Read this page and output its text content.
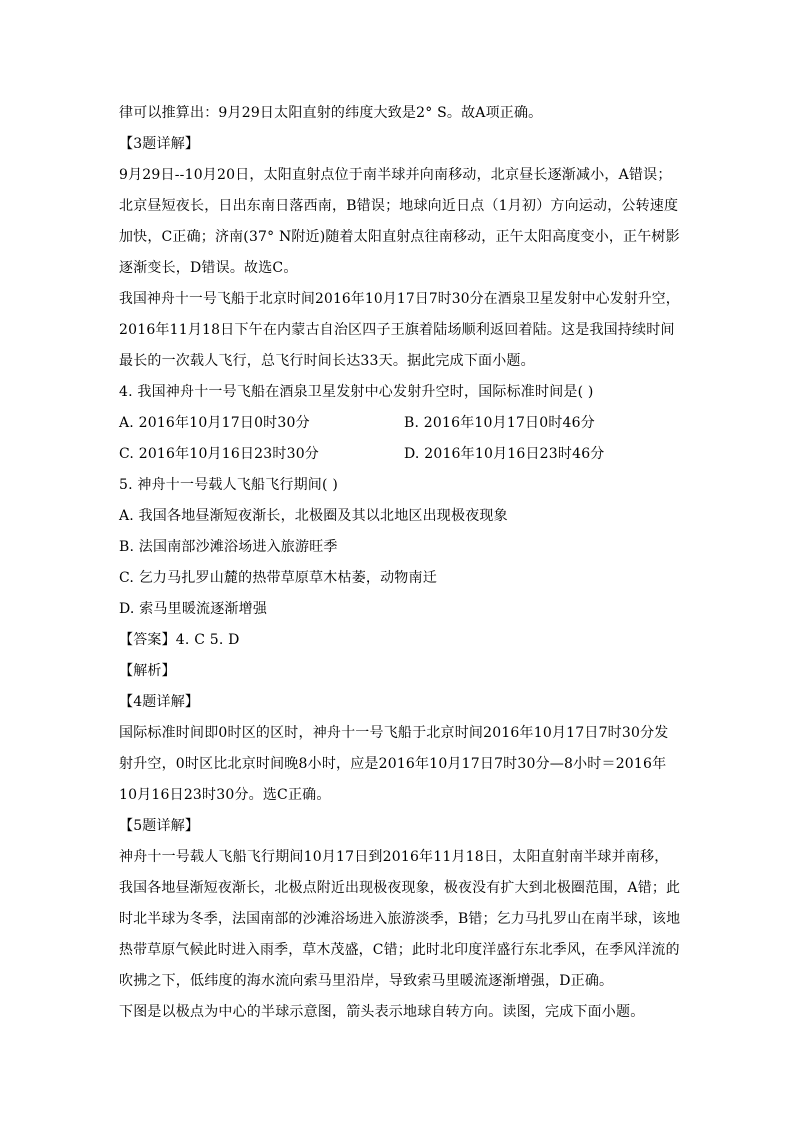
律可以推算出：9月29日太阳直射的纬度大致是2° S。故A项正确。
【3题详解】
9月29日--10月20日，太阳直射点位于南半球并向南移动，北京昼长逐渐减小，A错误；
北京昼短夜长，日出东南日落西南，B错误；地球向近日点（1月初）方向运动，公转速度
加快，C正确；济南(37° N附近)随着太阳直射点往南移动，正午太阳高度变小，正午树影
逐渐变长，D错误。故选C。
我国神舟十一号飞船于北京时间2016年10月17日7时30分在酒泉卫星发射中心发射升空，
2016年11月18日下午在内蒙古自治区四子王旗着陆场顺利返回着陆。这是我国持续时间
最长的一次载人飞行，总飞行时间长达33天。据此完成下面小题。
4. 我国神舟十一号飞船在酒泉卫星发射中心发射升空时，国际标准时间是( )
A. 2016年10月17日0时30分	B. 2016年10月17日0时46分
C. 2016年10月16日23时30分	D. 2016年10月16日23时46分
5. 神舟十一号载人飞船飞行期间( )
A. 我国各地昼渐短夜渐长，北极圈及其以北地区出现极夜现象
B. 法国南部沙滩浴场进入旅游旺季
C. 乞力马扎罗山麓的热带草原草木枯萎，动物南迁
D. 索马里暖流逐渐增强
【答案】4. C 5. D
【解析】
【4题详解】
国际标准时间即0时区的区时，神舟十一号飞船于北京时间2016年10月17日7时30分发
射升空，0时区比北京时间晚8小时，应是2016年10月17日7时30分—8小时＝2016年
10月16日23时30分。选C正确。
【5题详解】
神舟十一号载人飞船飞行期间10月17日到2016年11月18日，太阳直射南半球并南移，
我国各地昼渐短夜渐长，北极点附近出现极夜现象，极夜没有扩大到北极圈范围，A错；此
时北半球为冬季，法国南部的沙滩浴场进入旅游淡季，B错；乞力马扎罗山在南半球，该地
热带草原气候此时进入雨季，草木茂盛，C错；此时北印度洋盛行东北季风，在季风洋流的
吹拂之下，低纬度的海水流向索马里沿岸，导致索马里暖流逐渐增强，D正确。
下图是以极点为中心的半球示意图，箭头表示地球自转方向。读图，完成下面小题。
